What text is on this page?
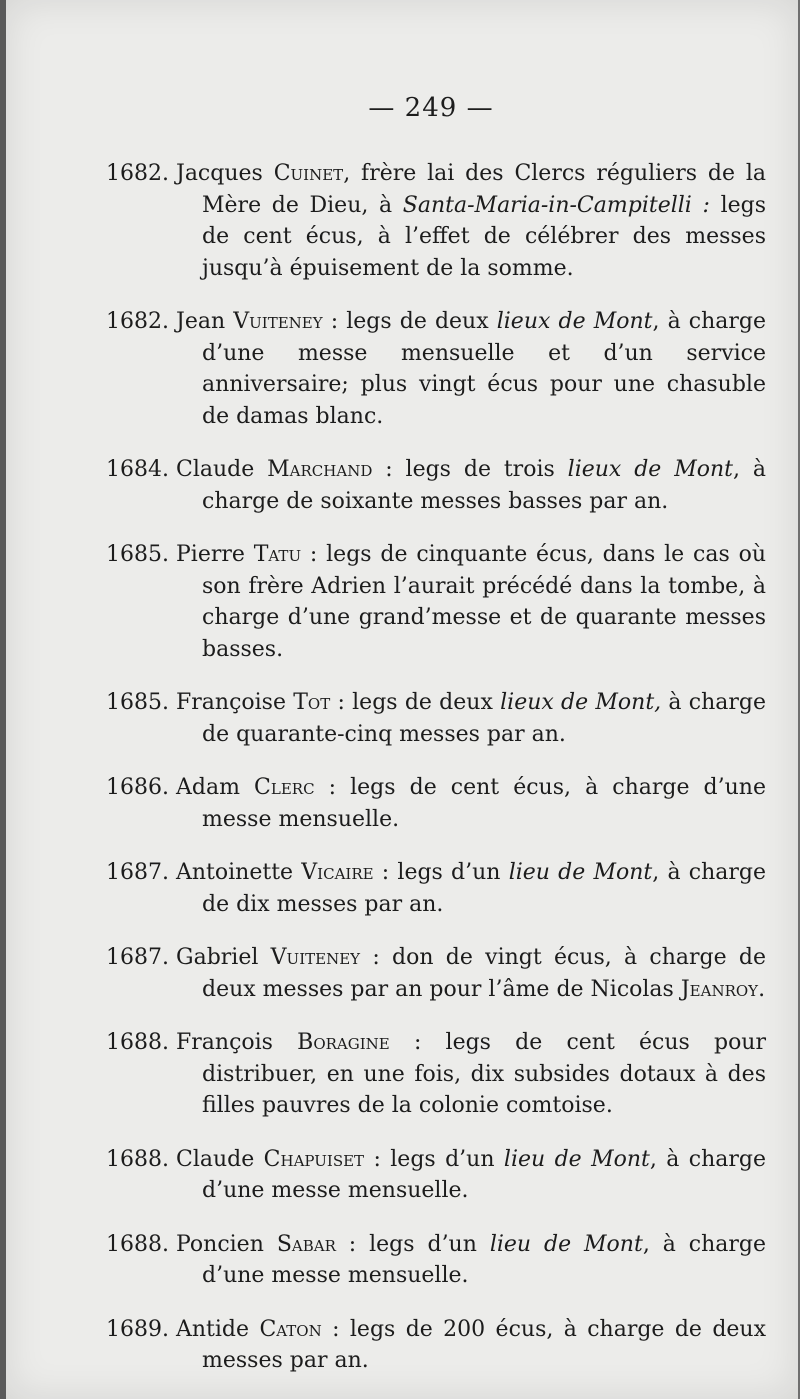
— 249 —

1682. Jacques Cuinet, frère lai des Clercs réguliers de la Mère de Dieu, à Santa-Maria-in-Campitelli : legs de cent écus, à l’effet de célébrer des messes jusqu’à épuisement de la somme.

1682. Jean Vuiteney : legs de deux lieux de Mont, à charge d’une messe mensuelle et d’un service anniversaire; plus vingt écus pour une chasuble de damas blanc.

1684. Claude Marchand : legs de trois lieux de Mont, à charge de soixante messes basses par an.

1685. Pierre Tatu : legs de cinquante écus, dans le cas où son frère Adrien l’aurait précédé dans la tombe, à charge d’une grand’messe et de quarante messes basses.

1685. Françoise Tot : legs de deux lieux de Mont, à charge de quarante-cinq messes par an.

1686. Adam Clerc : legs de cent écus, à charge d’une messe mensuelle.

1687. Antoinette Vicaire : legs d’un lieu de Mont, à charge de dix messes par an.

1687. Gabriel Vuiteney : don de vingt écus, à charge de deux messes par an pour l’âme de Nicolas Jeanroy.

1688. François Boragine : legs de cent écus pour distribuer, en une fois, dix subsides dotaux à des filles pauvres de la colonie comtoise.

1688. Claude Chapuiset : legs d’un lieu de Mont, à charge d’une messe mensuelle.

1688. Poncien Sabar : legs d’un lieu de Mont, à charge d’une messe mensuelle.

1689. Antide Caton : legs de 200 écus, à charge de deux messes par an.
